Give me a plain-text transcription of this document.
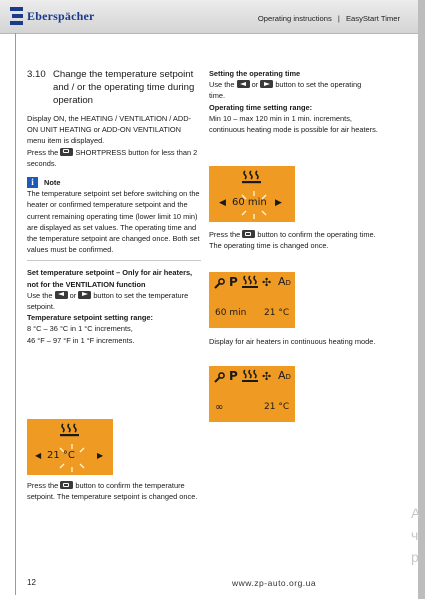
Eberspächer	Operating instructions | EasyStart Timer
3.10 Change the temperature setpoint and / or the operating time during operation

Display ON, the HEATING / VENTILATION / ADD-ON UNIT HEATING or ADD-ON VENTILATION menu item is displayed.

Press the SHORTPRESS button for less than 2 seconds.

i	Note

The temperature setpoint set before switching on the heater or confirmed temperature setpoint and the current remaining operating time (lower limit 10 min) are displayed as set values. The operating time and the temperature setpoint are changed once. Both set values must be confirmed.

Set temperature setpoint – Only for air heaters, not for the VENTILATION function

Use the or button to set the temperature setpoint.

Temperature setpoint setting range:

8 °C – 36 °C in 1 °C increments,

46 °F – 97 °F in 1 °F increments.

◀ 21 °C	▶

Press the button to confirm the temperature setpoint. The temperature setpoint is changed once.

Setting the operating time

Use the or button to set the operating time.

Operating time setting range:

Min 10 – max 120 min in 1 min. increments, continuous heating mode is possible for air heaters.

◀ 60 min ▶

Press the button to confirm the operating time.

The operating time is changed once.

P ✣ AD
60 min 21 °C

Display for air heaters in continuous heating mode.

P ✣ AD
∞	21 °C
А
ч
р
12	www.zp-auto.org.ua
